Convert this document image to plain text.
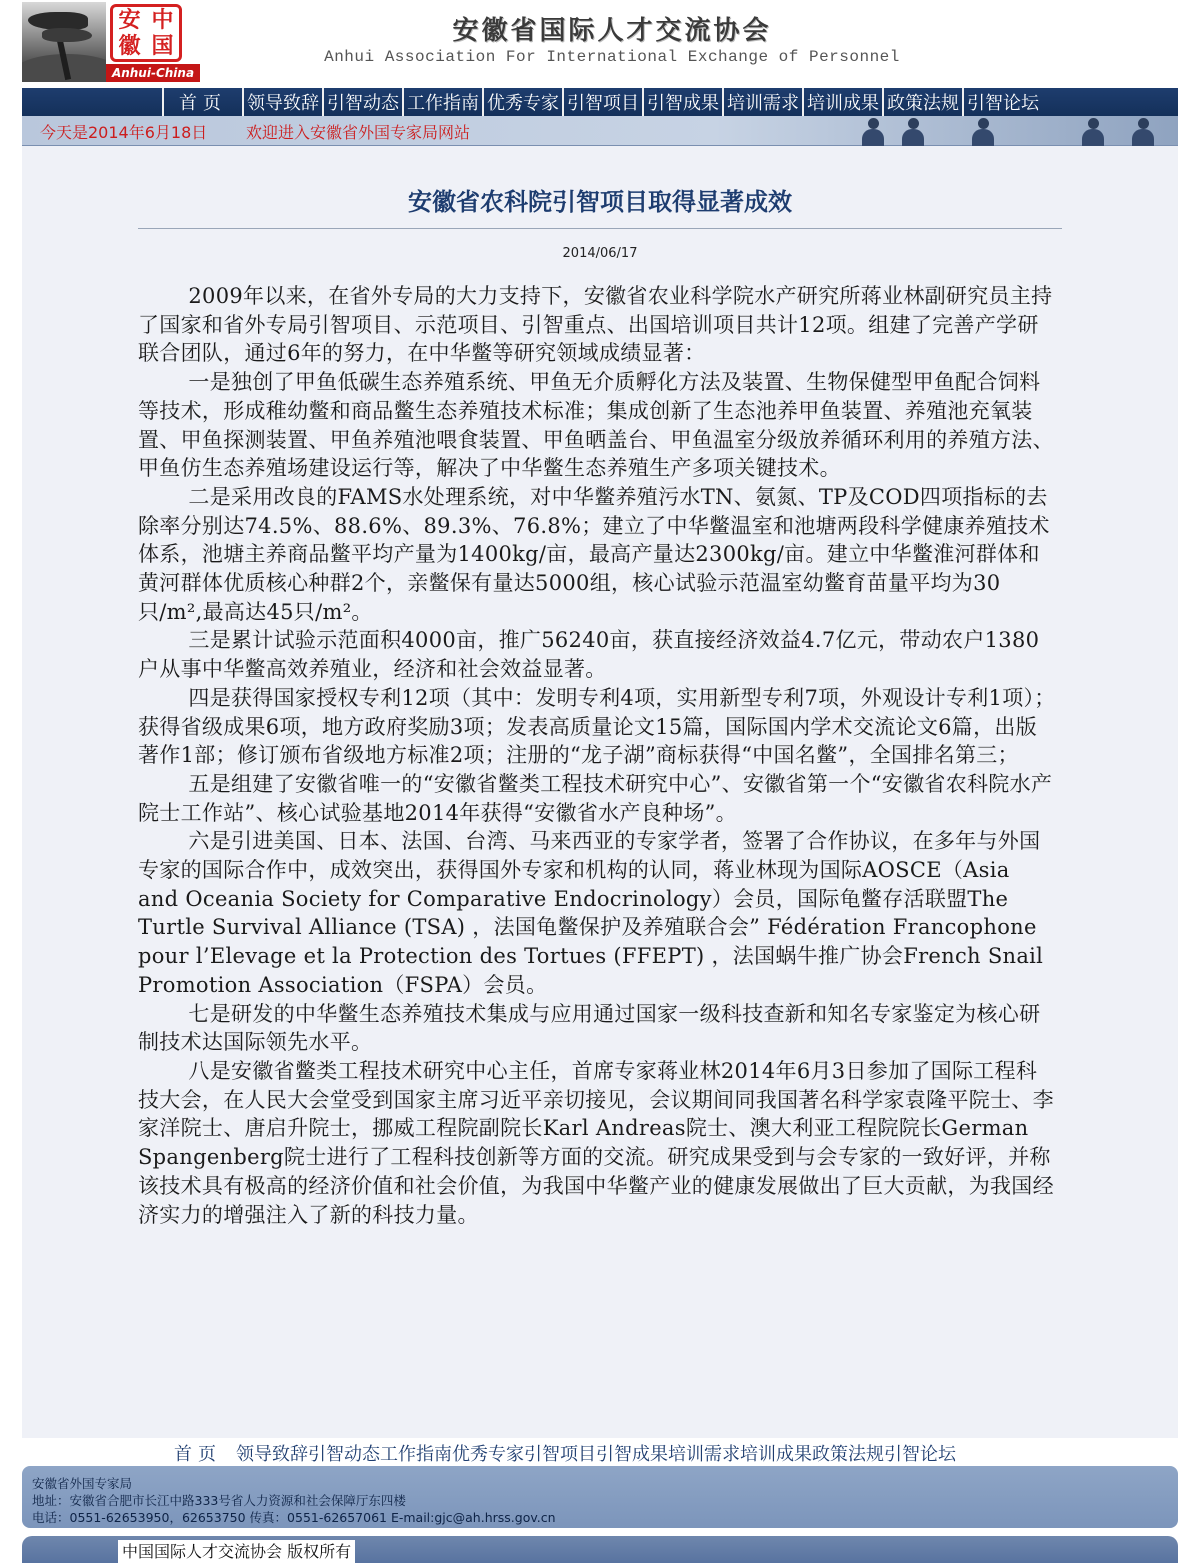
安 中
徽 国
Anhui-China
安徽省国际人才交流协会
Anhui Association For International Exchange of Personnel
首页	领导致辞 引智动态 工作指南 优秀专家 引智项目 引智成果 培训需求 培训成果 政策法规 引智论坛
今天是2014年6月18日 欢迎进入安徽省外国专家局网站
安徽省农科院引智项目取得显著成效
2014/06/17

2009年以来，在省外专局的大力支持下，安徽省农业科学院水产研究所蒋业林副研究员主持了国家和省外专局引智项目、示范项目、引智重点、出国培训项目共计12项。组建了完善产学研联合团队，通过6年的努力，在中华鳖等研究领域成绩显著：

一是独创了甲鱼低碳生态养殖系统、甲鱼无介质孵化方法及装置、生物保健型甲鱼配合饲料等技术，形成稚幼鳖和商品鳖生态养殖技术标准；集成创新了生态池养甲鱼装置、养殖池充氧装置、甲鱼探测装置、甲鱼养殖池喂食装置、甲鱼晒盖台、甲鱼温室分级放养循环利用的养殖方法、甲鱼仿生态养殖场建设运行等，解决了中华鳖生态养殖生产多项关键技术。

二是采用改良的FAMS水处理系统，对中华鳖养殖污水TN、氨氮、TP及COD四项指标的去除率分别达74.5%、88.6%、89.3%、76.8%；建立了中华鳖温室和池塘两段科学健康养殖技术体系，池塘主养商品鳖平均产量为1400kg/亩，最高产量达2300kg/亩。建立中华鳖淮河群体和黄河群体优质核心种群2个，亲鳖保有量达5000组，核心试验示范温室幼鳖育苗量平均为30只/m²,最高达45只/m²。

三是累计试验示范面积4000亩，推广56240亩，获直接经济效益4.7亿元，带动农户1380户从事中华鳖高效养殖业，经济和社会效益显著。

四是获得国家授权专利12项（其中：发明专利4项，实用新型专利7项，外观设计专利1项）；获得省级成果6项，地方政府奖励3项；发表高质量论文15篇，国际国内学术交流论文6篇，出版著作1部；修订颁布省级地方标准2项；注册的“龙子湖”商标获得“中国名鳖”，全国排名第三；

五是组建了安徽省唯一的“安徽省鳖类工程技术研究中心”、安徽省第一个“安徽省农科院水产院士工作站”、核心试验基地2014年获得“安徽省水产良种场”。

六是引进美国、日本、法国、台湾、马来西亚的专家学者，签署了合作协议，在多年与外国专家的国际合作中，成效突出，获得国外专家和机构的认同，蒋业林现为国际AOSCE（Asia and Oceania Society for Comparative Endocrinology）会员，国际龟鳖存活联盟The Turtle Survival Alliance (TSA) ，法国龟鳖保护及养殖联合会” Fédération Francophone pour l’Elevage et la Protection des Tortues (FFEPT) ，法国蜗牛推广协会French Snail Promotion Association（FSPA）会员。

七是研发的中华鳖生态养殖技术集成与应用通过国家一级科技查新和知名专家鉴定为核心研制技术达国际领先水平。

八是安徽省鳖类工程技术研究中心主任，首席专家蒋业林2014年6月3日参加了国际工程科技大会，在人民大会堂受到国家主席习近平亲切接见，会议期间同我国著名科学家袁隆平院士、李家洋院士、唐启升院士，挪威工程院副院长Karl Andreas院士、澳大利亚工程院院长German Spangenberg院士进行了工程科技创新等方面的交流。研究成果受到与会专家的一致好评，并称该技术具有极高的经济价值和社会价值，为我国中华鳖产业的健康发展做出了巨大贡献，为我国经济实力的增强注入了新的科技力量。

首页 领导致辞 引智动态 工作指南 优秀专家 引智项目 引智成果 培训需求 培训成果 政策法规 引智论坛
安徽省外国专家局
地址：安徽省合肥市长江中路333号省人力资源和社会保障厅东四楼
电话：0551-62653950，62653750 传真：0551-62657061 E-mail:gjc@ah.hrss.gov.cn
中国国际人才交流协会 版权所有
